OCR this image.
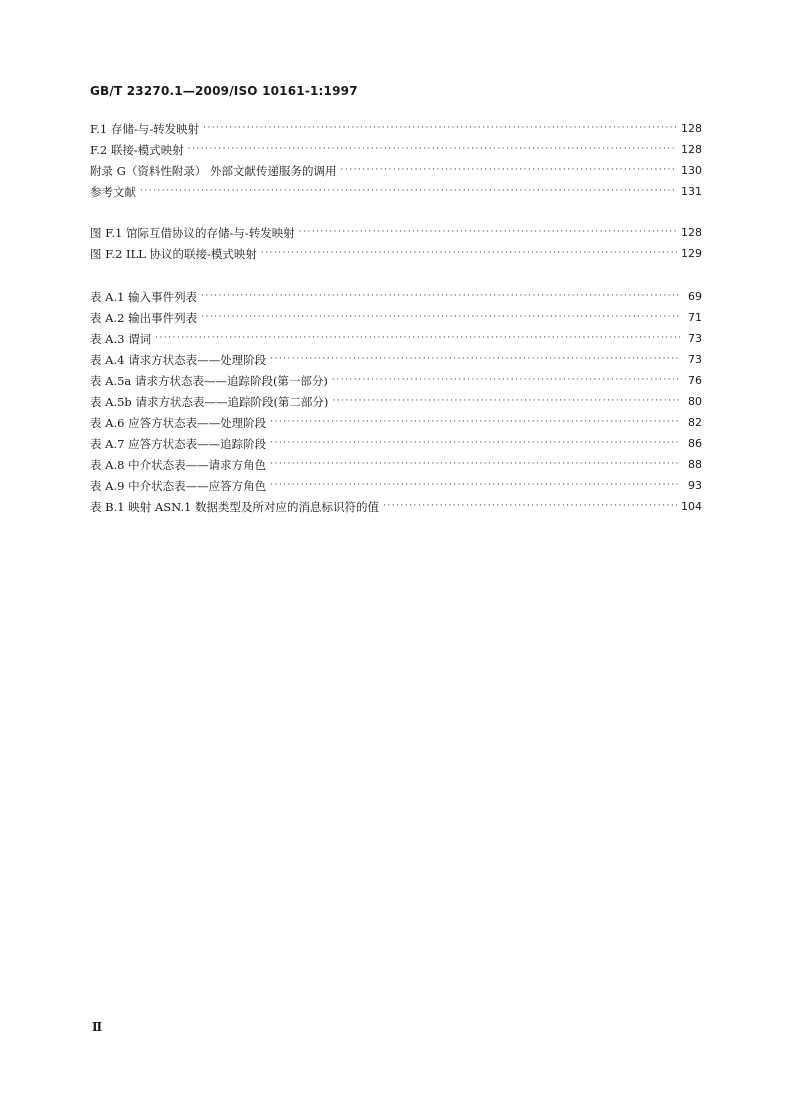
GB/T 23270.1—2009/ISO 10161-1:1997
F.1 存储-与-转发映射 ·····	128
F.2 联接-模式映射 ·····	128
附录 G（资料性附录） 外部文献传递服务的调用 ·····	130
参考文献 ·····	131
图 F.1 馆际互借协议的存储-与-转发映射 ·····	128
图 F.2 ILL 协议的联接-模式映射 ·····	129
表 A.1 输入事件列表 ·····	69
表 A.2 输出事件列表 ·····	71
表 A.3 谓词 ·····	73
表 A.4 请求方状态表——处理阶段 ·····	73
表 A.5a 请求方状态表——追踪阶段(第一部分) ·····	76
表 A.5b 请求方状态表——追踪阶段(第二部分) ·····	80
表 A.6 应答方状态表——处理阶段 ·····	82
表 A.7 应答方状态表——追踪阶段 ·····	86
表 A.8 中介状态表——请求方角色 ·····	88
表 A.9 中介状态表——应答方角色 ·····	93
表 B.1 映射 ASN.1 数据类型及所对应的消息标识符的值 ·····	104
Ⅱ
